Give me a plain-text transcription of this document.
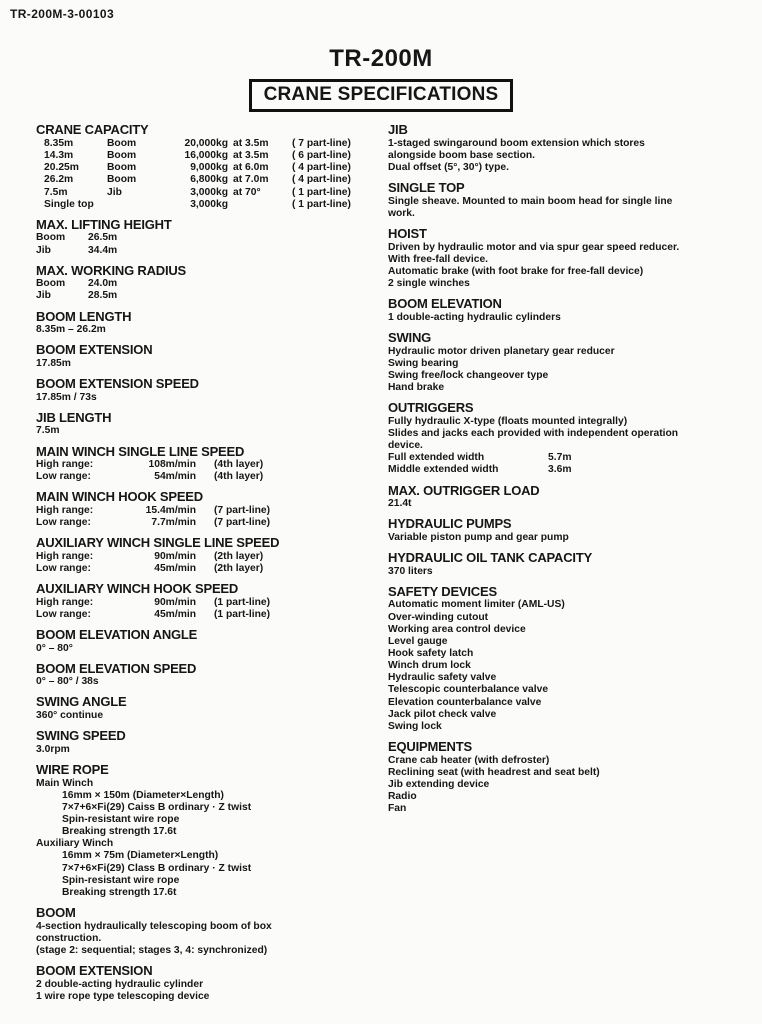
TR-200M-3-00103
TR-200M
CRANE SPECIFICATIONS
CRANE CAPACITY
8.35m	Boom	20,000kg at 3.5m	( 7 part-line)
14.3m	Boom	16,000kg at 3.5m	( 6 part-line)
20.25m	Boom	9,000kg at 6.0m	( 4 part-line)
26.2m	Boom	6,800kg at 7.0m	( 4 part-line)
7.5m	Jib	3,000kg at 70°	( 1 part-line)
Single top	3,000kg	( 1 part-line)
MAX. LIFTING HEIGHT
Boom	26.5m
Jib	34.4m
MAX. WORKING RADIUS
Boom	24.0m
Jib	28.5m
BOOM LENGTH
8.35m – 26.2m
BOOM EXTENSION
17.85m
BOOM EXTENSION SPEED
17.85m / 73s
JIB LENGTH
7.5m
MAIN WINCH SINGLE LINE SPEED
High range:	108m/min	(4th layer)
Low range:	54m/min	(4th layer)
MAIN WINCH HOOK SPEED
High range:	15.4m/min	(7 part-line)
Low range:	7.7m/min	(7 part-line)
AUXILIARY WINCH SINGLE LINE SPEED
High range:	90m/min	(2th layer)
Low range:	45m/min	(2th layer)
AUXILIARY WINCH HOOK SPEED
High range:	90m/min	(1 part-line)
Low range:	45m/min	(1 part-line)
BOOM ELEVATION ANGLE
0° – 80°
BOOM ELEVATION SPEED
0° – 80° / 38s
SWING ANGLE
360° continue
SWING SPEED
3.0rpm
WIRE ROPE
Main Winch
16mm × 150m (Diameter×Length)
7×7+6×Fi(29) Caiss B ordinary · Z twist
Spin-resistant wire rope
Breaking strength 17.6t
Auxiliary Winch
16mm × 75m (Diameter×Length)
7×7+6×Fi(29) Class B ordinary · Z twist
Spin-resistant wire rope
Breaking strength 17.6t
BOOM
4-section hydraulically telescoping boom of box
construction.
(stage 2: sequential; stages 3, 4: synchronized)
BOOM EXTENSION
2 double-acting hydraulic cylinder
1 wire rope type telescoping device
JIB
1-staged swingaround boom extension which stores
alongside boom base section.
Dual offset (5°, 30°) type.
SINGLE TOP
Single sheave. Mounted to main boom head for single line
work.
HOIST
Driven by hydraulic motor and via spur gear speed reducer.
With free-fall device.
Automatic brake (with foot brake for free-fall device)
2 single winches
BOOM ELEVATION
1 double-acting hydraulic cylinders
SWING
Hydraulic motor driven planetary gear reducer
Swing bearing
Swing free/lock changeover type
Hand brake
OUTRIGGERS
Fully hydraulic X-type (floats mounted integrally)
Slides and jacks each provided with independent operation
device.
Full extended width	5.7m
Middle extended width	3.6m
MAX. OUTRIGGER LOAD
21.4t
HYDRAULIC PUMPS
Variable piston pump and gear pump
HYDRAULIC OIL TANK CAPACITY
370 liters
SAFETY DEVICES
Automatic moment limiter (AML-US)
Over-winding cutout
Working area control device
Level gauge
Hook safety latch
Winch drum lock
Hydraulic safety valve
Telescopic counterbalance valve
Elevation counterbalance valve
Jack pilot check valve
Swing lock
EQUIPMENTS
Crane cab heater (with defroster)
Reclining seat (with headrest and seat belt)
Jib extending device
Radio
Fan
